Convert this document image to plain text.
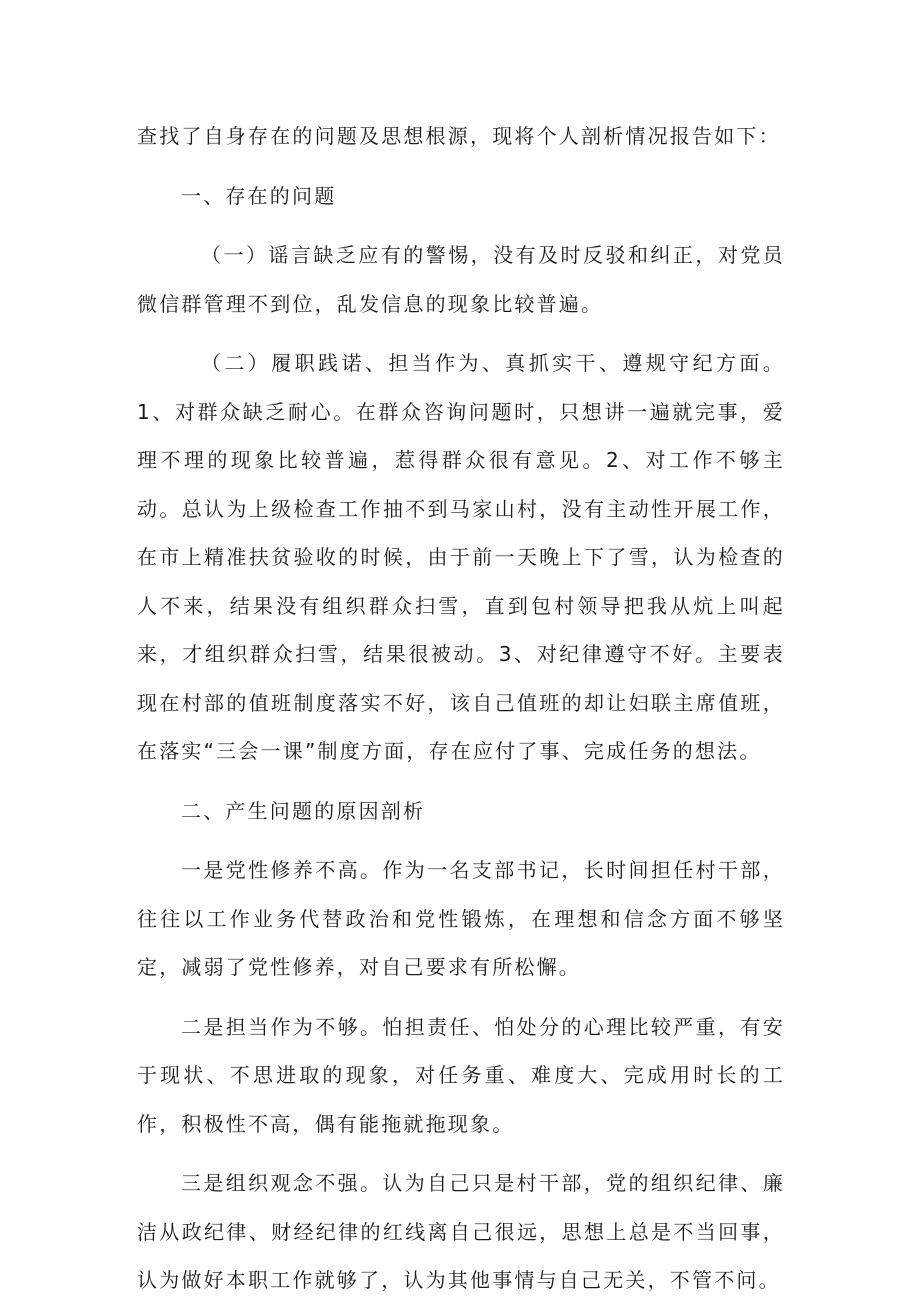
查找了自身存在的问题及思想根源，现将个人剖析情况报告如下：

一、存在的问题

（一）谣言缺乏应有的警惕，没有及时反驳和纠正，对党员微信群管理不到位，乱发信息的现象比较普遍。

（二）履职践诺、担当作为、真抓实干、遵规守纪方面。1、对群众缺乏耐心。在群众咨询问题时，只想讲一遍就完事，爱理不理的现象比较普遍，惹得群众很有意见。2、对工作不够主动。总认为上级检查工作抽不到马家山村，没有主动性开展工作，在市上精准扶贫验收的时候，由于前一天晚上下了雪，认为检查的人不来，结果没有组织群众扫雪，直到包村领导把我从炕上叫起来，才组织群众扫雪，结果很被动。3、对纪律遵守不好。主要表现在村部的值班制度落实不好，该自己值班的却让妇联主席值班，在落实“三会一课”制度方面，存在应付了事、完成任务的想法。

二、产生问题的原因剖析

一是党性修养不高。作为一名支部书记，长时间担任村干部，往往以工作业务代替政治和党性锻炼，在理想和信念方面不够坚定，减弱了党性修养，对自己要求有所松懈。

二是担当作为不够。怕担责任、怕处分的心理比较严重，有安于现状、不思进取的现象，对任务重、难度大、完成用时长的工作，积极性不高，偶有能拖就拖现象。

三是组织观念不强。认为自己只是村干部，党的组织纪律、廉洁从政纪律、财经纪律的红线离自己很远，思想上总是不当回事，认为做好本职工作就够了，认为其他事情与自己无关，不管不问。
